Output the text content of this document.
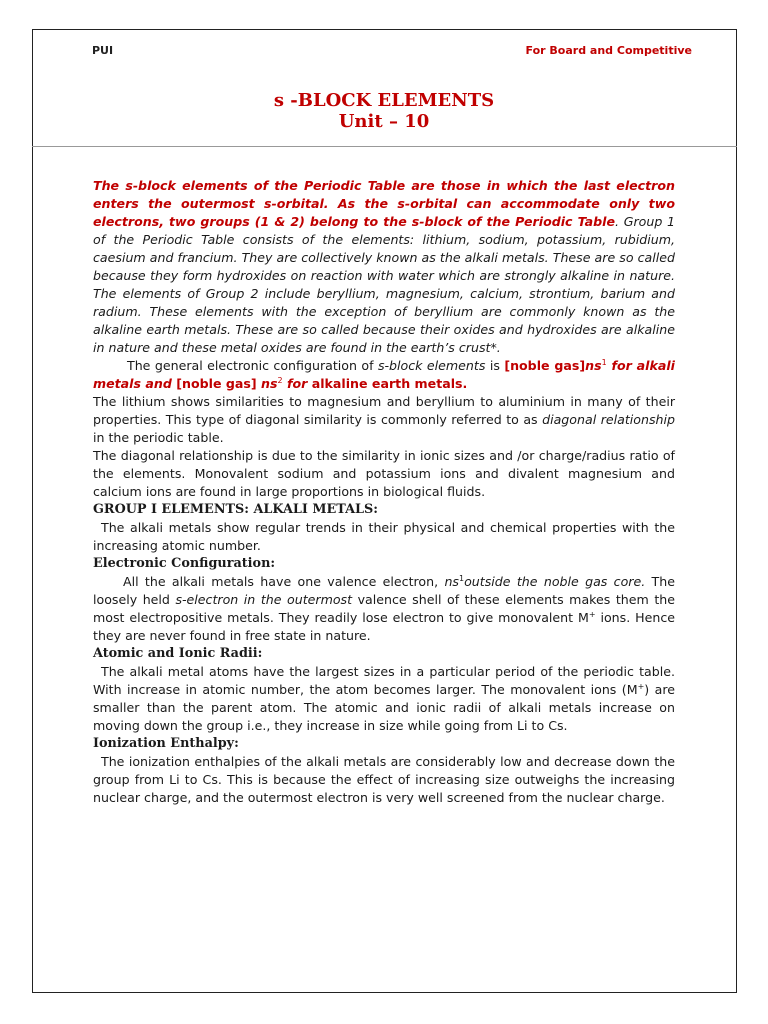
PUI	For Board and Competitive
s -BLOCK ELEMENTS
Unit – 10

The s-block elements of the Periodic Table are those in which the last electron enters the outermost s-orbital. As the s-orbital can accommodate only two electrons, two groups (1 & 2) belong to the s-block of the Periodic Table. Group 1 of the Periodic Table consists of the elements: lithium, sodium, potassium, rubidium, caesium and francium. They are collectively known as the alkali metals. These are so called because they form hydroxides on reaction with water which are strongly alkaline in nature. The elements of Group 2 include beryllium, magnesium, calcium, strontium, barium and radium. These elements with the exception of beryllium are commonly known as the alkaline earth metals. These are so called because their oxides and hydroxides are alkaline in nature and these metal oxides are found in the earth’s crust*.

The general electronic configuration of s-block elements is [noble $gas]ns^1$ for alkali metals and [noble gas] $ns^2$ for alkaline earth metals.

The lithium shows similarities to magnesium and beryllium to aluminium in many of their properties. This type of diagonal similarity is commonly referred to as diagonal relationship in the periodic table.

The diagonal relationship is due to the similarity in ionic sizes and /or charge/radius ratio of the elements. Monovalent sodium and potassium ions and divalent magnesium and calcium ions are found in large proportions in biological fluids.

GROUP I ELEMENTS: ALKALI METALS:

The alkali metals show regular trends in their physical and chemical properties with the increasing atomic number.

Electronic Configuration:

All the alkali metals have one valence electron, $ns^1outside$ the noble gas core. The loosely held s-electron in the outermost valence shell of these elements makes them the most electropositive metals. They readily lose electron to give monovalent M+ ions. Hence they are never found in free state in nature.

Atomic and Ionic Radii:

The alkali metal atoms have the largest sizes in a particular period of the periodic table. With increase in atomic number, the atom becomes larger. The monovalent ions (M+) are smaller than the parent atom. The atomic and ionic radii of alkali metals increase on moving down the group i.e., they increase in size while going from Li to Cs.

Ionization Enthalpy:

The ionization enthalpies of the alkali metals are considerably low and decrease down the group from Li to Cs. This is because the effect of increasing size outweighs the increasing nuclear charge, and the outermost electron is very well screened from the nuclear charge.
